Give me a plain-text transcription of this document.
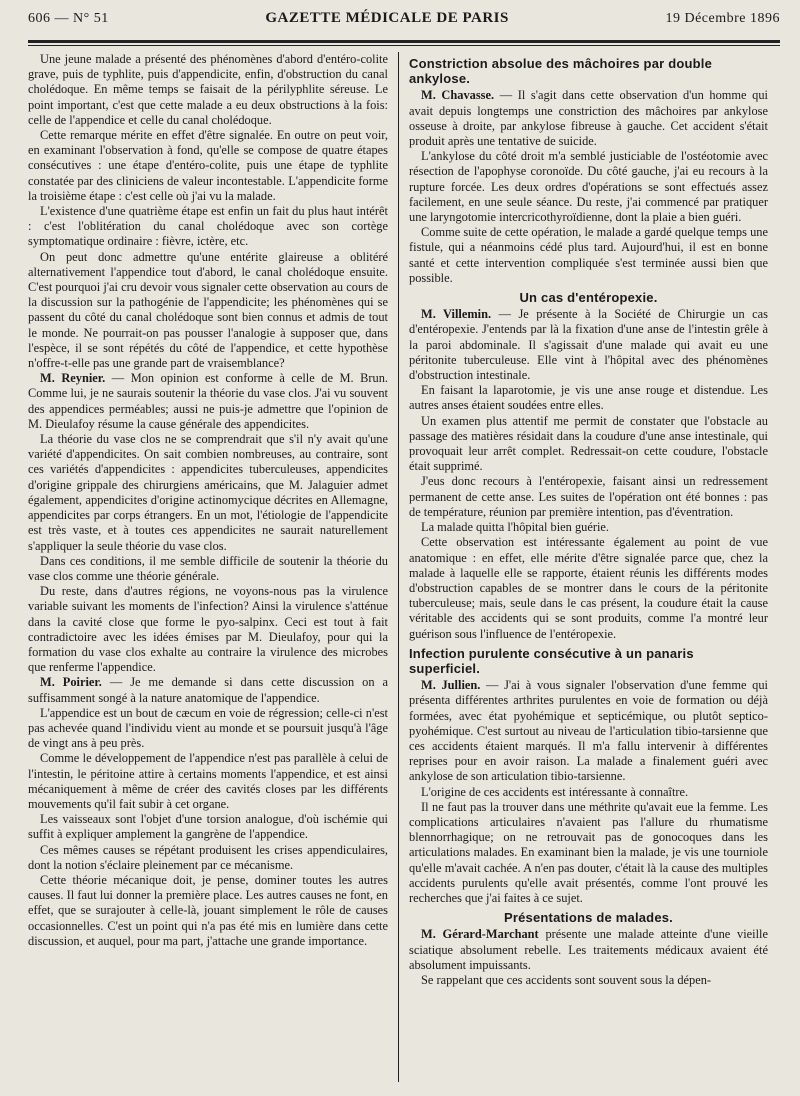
606 — N° 51	GAZETTE MÉDICALE DE PARIS	19 Décembre 1896

Une jeune malade a présenté des phénomènes d'abord d'entéro-colite grave, puis de typhlite, puis d'appendicite, enfin, d'obstruction du canal cholédoque. En même temps se faisait de la périlyphlite séreuse. Le point important, c'est que cette malade a eu deux obstructions à la fois: celle de l'appendice et celle du canal cholédoque.

Cette remarque mérite en effet d'être signalée. En outre on peut voir, en examinant l'observation à fond, qu'elle se compose de quatre étapes consécutives : une étape d'entéro-colite, puis une étape de typhlite constatée par des cliniciens de valeur incontestable. L'appendicite forme la troisième étape : c'est celle où j'ai vu la malade.

L'existence d'une quatrième étape est enfin un fait du plus haut intérêt : c'est l'oblitération du canal cholédoque avec son cortège symptomatique ordinaire : fièvre, ictère, etc.

On peut donc admettre qu'une entérite glaireuse a oblitéré alternativement l'appendice tout d'abord, le canal cholédoque ensuite. C'est pourquoi j'ai cru devoir vous signaler cette observation au cours de la discussion sur la pathogénie de l'appendicite; les phénomènes qui se passent du côté du canal cholédoque sont bien connus et admis de tout le monde. Ne pourrait-on pas pousser l'analogie à supposer que, dans l'espèce, il se sont répétés du côté de l'appendice, et cette hypothèse n'offre-t-elle pas une grande part de vraisemblance?

M. Reynier. — Mon opinion est conforme à celle de M. Brun. Comme lui, je ne saurais soutenir la théorie du vase clos. J'ai vu souvent des appendices perméables; aussi ne puis-je admettre que l'opinion de M. Dieulafoy résume la cause générale des appendicites.

La théorie du vase clos ne se comprendrait que s'il n'y avait qu'une variété d'appendicites. On sait combien nombreuses, au contraire, sont ces variétés d'appendicites : appendicites tuberculeuses, appendicites d'origine grippale des chirurgiens américains, que M. Jalaguier admet également, appendicites d'origine actinomycique décrites en Allemagne, appendicites par corps étrangers. En un mot, l'étiologie de l'appendicite est très vaste, et à toutes ces appendicites ne saurait naturellement s'appliquer la seule théorie du vase clos.

Dans ces conditions, il me semble difficile de soutenir la théorie du vase clos comme une théorie générale.

Du reste, dans d'autres régions, ne voyons-nous pas la virulence variable suivant les moments de l'infection? Ainsi la virulence s'atténue dans la cavité close que forme le pyo-salpinx. Ceci est tout à fait contradictoire avec les idées émises par M. Dieulafoy, pour qui la formation du vase clos exhalte au contraire la virulence des microbes que renferme l'appendice.

M. Poirier. — Je me demande si dans cette discussion on a suffisamment songé à la nature anatomique de l'appendice.

L'appendice est un bout de cæcum en voie de régression; celle-ci n'est pas achevée quand l'individu vient au monde et se poursuit jusqu'à l'âge de vingt ans à peu près.

Comme le développement de l'appendice n'est pas parallèle à celui de l'intestin, le péritoine attire à certains moments l'appendice, et est ainsi mécaniquement à même de créer des cavités closes par les différents mouvements qu'il fait subir à cet organe.

Les vaisseaux sont l'objet d'une torsion analogue, d'où ischémie qui suffit à expliquer amplement la gangrène de l'appendice.

Ces mêmes causes se répétant produisent les crises appendiculaires, dont la notion s'éclaire pleinement par ce mécanisme.

Cette théorie mécanique doit, je pense, dominer toutes les autres causes. Il faut lui donner la première place. Les autres causes ne font, en effet, que se surajouter à celle-là, jouant simplement le rôle de causes occasionnelles. C'est un point qui n'a pas été mis en lumière dans cette discussion, et auquel, pour ma part, j'attache une grande importance.

Constriction absolue des mâchoires par double ankylose.

M. Chavasse. — Il s'agit dans cette observation d'un homme qui avait depuis longtemps une constriction des mâchoires par ankylose osseuse à droite, par ankylose fibreuse à gauche. Cet accident s'était produit après une tentative de suicide.

L'ankylose du côté droit m'a semblé justiciable de l'ostéotomie avec résection de l'apophyse coronoïde. Du côté gauche, j'ai eu recours à la rupture forcée. Les deux ordres d'opérations se sont effectués assez facilement, en une seule séance. Du reste, j'ai commencé par pratiquer une laryngotomie intercricothyroïdienne, dont la plaie a bien guéri.

Comme suite de cette opération, le malade a gardé quelque temps une fistule, qui a néanmoins cédé plus tard. Aujourd'hui, il est en bonne santé et cette intervention compliquée s'est terminée aussi bien que possible.

Un cas d'entéropexie.

M. Villemin. — Je présente à la Société de Chirurgie un cas d'entéropexie. J'entends par là la fixation d'une anse de l'intestin grêle à la paroi abdominale. Il s'agissait d'une malade qui avait eu une péritonite tuberculeuse. Elle vint à l'hôpital avec des phénomènes d'obstruction intestinale.

En faisant la laparotomie, je vis une anse rouge et distendue. Les autres anses étaient soudées entre elles.

Un examen plus attentif me permit de constater que l'obstacle au passage des matières résidait dans la coudure d'une anse intestinale, qui provoquait leur arrêt complet. Redressait-on cette coudure, l'obstacle était supprimé.

J'eus donc recours à l'entéropexie, faisant ainsi un redressement permanent de cette anse. Les suites de l'opération ont été bonnes : pas de température, réunion par première intention, pas d'éventration.

La malade quitta l'hôpital bien guérie.

Cette observation est intéressante également au point de vue anatomique : en effet, elle mérite d'être signalée parce que, chez la malade à laquelle elle se rapporte, étaient réunis les différents modes d'obstruction capables de se montrer dans le cours de la péritonite tuberculeuse; mais, seule dans le cas présent, la coudure était la cause véritable des accidents qui se sont produits, comme l'a montré leur guérison sous l'influence de l'entéropexie.

Infection purulente consécutive à un panaris superficiel.

M. Jullien. — J'ai à vous signaler l'observation d'une femme qui présenta différentes arthrites purulentes en voie de formation ou déjà formées, avec état pyohémique et septicémique, ou plutôt septico-pyohémique. C'est surtout au niveau de l'articulation tibio-tarsienne que ces accidents étaient marqués. Il m'a fallu intervenir à différentes reprises pour en avoir raison. La malade a finalement guéri avec ankylose de son articulation tibio-tarsienne.

L'origine de ces accidents est intéressante à connaître.

Il ne faut pas la trouver dans une méthrite qu'avait eue la femme. Les complications articulaires n'avaient pas l'allure du rhumatisme blennorrhagique; on ne retrouvait pas de gonocoques dans les articulations malades. En examinant bien la malade, je vis une tourniole qu'elle m'avait cachée. A n'en pas douter, c'était là la cause des multiples accidents purulents qu'elle avait présentés, comme l'ont prouvé les recherches que j'ai faites à ce sujet.

Présentations de malades.

M. Gérard-Marchant présente une malade atteinte d'une vieille sciatique absolument rebelle. Les traitements médicaux avaient été absolument impuissants.

Se rappelant que ces accidents sont souvent sous la dépen-
